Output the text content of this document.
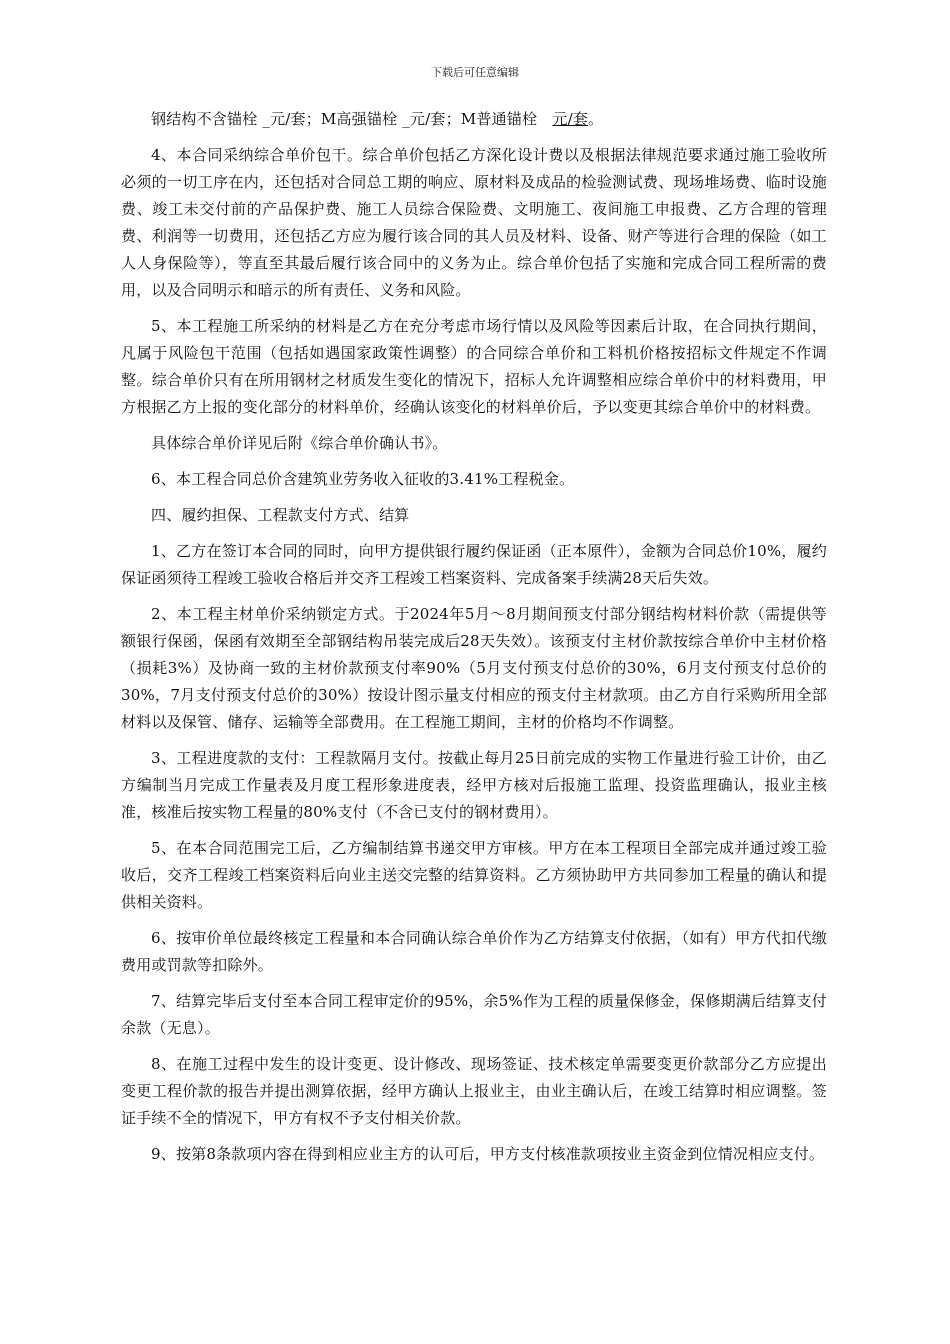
下载后可任意编辑

钢结构不含锚栓 _元/套；M高强锚栓 _元/套；M普通锚栓　元/套。

4、本合同采纳综合单价包干。综合单价包括乙方深化设计费以及根据法律规范要求通过施工验收所必须的一切工序在内，还包括对合同总工期的响应、原材料及成品的检验测试费、现场堆场费、临时设施费、竣工未交付前的产品保护费、施工人员综合保险费、文明施工、夜间施工申报费、乙方合理的管理费、利润等一切费用，还包括乙方应为履行该合同的其人员及材料、设备、财产等进行合理的保险（如工人人身保险等），等直至其最后履行该合同中的义务为止。综合单价包括了实施和完成合同工程所需的费用，以及合同明示和暗示的所有责任、义务和风险。

5、本工程施工所采纳的材料是乙方在充分考虑市场行情以及风险等因素后计取，在合同执行期间，凡属于风险包干范围（包括如遇国家政策性调整）的合同综合单价和工料机价格按招标文件规定不作调整。综合单价只有在所用钢材之材质发生变化的情况下，招标人允许调整相应综合单价中的材料费用，甲方根据乙方上报的变化部分的材料单价，经确认该变化的材料单价后，予以变更其综合单价中的材料费。

具体综合单价详见后附《综合单价确认书》。

6、本工程合同总价含建筑业劳务收入征收的3.41%工程税金。

四、履约担保、工程款支付方式、结算

1、乙方在签订本合同的同时，向甲方提供银行履约保证函（正本原件），金额为合同总价10%，履约保证函须待工程竣工验收合格后并交齐工程竣工档案资料、完成备案手续满28天后失效。

2、本工程主材单价采纳锁定方式。于2024年5月～8月期间预支付部分钢结构材料价款（需提供等额银行保函，保函有效期至全部钢结构吊装完成后28天失效）。该预支付主材价款按综合单价中主材价格（损耗3%）及协商一致的主材价款预支付率90%（5月支付预支付总价的30%，6月支付预支付总价的30%，7月支付预支付总价的30%）按设计图示量支付相应的预支付主材款项。由乙方自行采购所用全部材料以及保管、储存、运输等全部费用。在工程施工期间，主材的价格均不作调整。

3、工程进度款的支付：工程款隔月支付。按截止每月25日前完成的实物工作量进行验工计价，由乙方编制当月完成工作量表及月度工程形象进度表，经甲方核对后报施工监理、投资监理确认，报业主核准，核准后按实物工程量的80%支付（不含已支付的钢材费用）。

5、在本合同范围完工后，乙方编制结算书递交甲方审核。甲方在本工程项目全部完成并通过竣工验收后，交齐工程竣工档案资料后向业主送交完整的结算资料。乙方须协助甲方共同参加工程量的确认和提供相关资料。

6、按审价单位最终核定工程量和本合同确认综合单价作为乙方结算支付依据，（如有）甲方代扣代缴费用或罚款等扣除外。

7、结算完毕后支付至本合同工程审定价的95%，余5%作为工程的质量保修金，保修期满后结算支付余款（无息）。

8、在施工过程中发生的设计变更、设计修改、现场签证、技术核定单需要变更价款部分乙方应提出变更工程价款的报告并提出测算依据，经甲方确认上报业主，由业主确认后，在竣工结算时相应调整。签证手续不全的情况下，甲方有权不予支付相关价款。

9、按第8条款项内容在得到相应业主方的认可后，甲方支付核准款项按业主资金到位情况相应支付。
